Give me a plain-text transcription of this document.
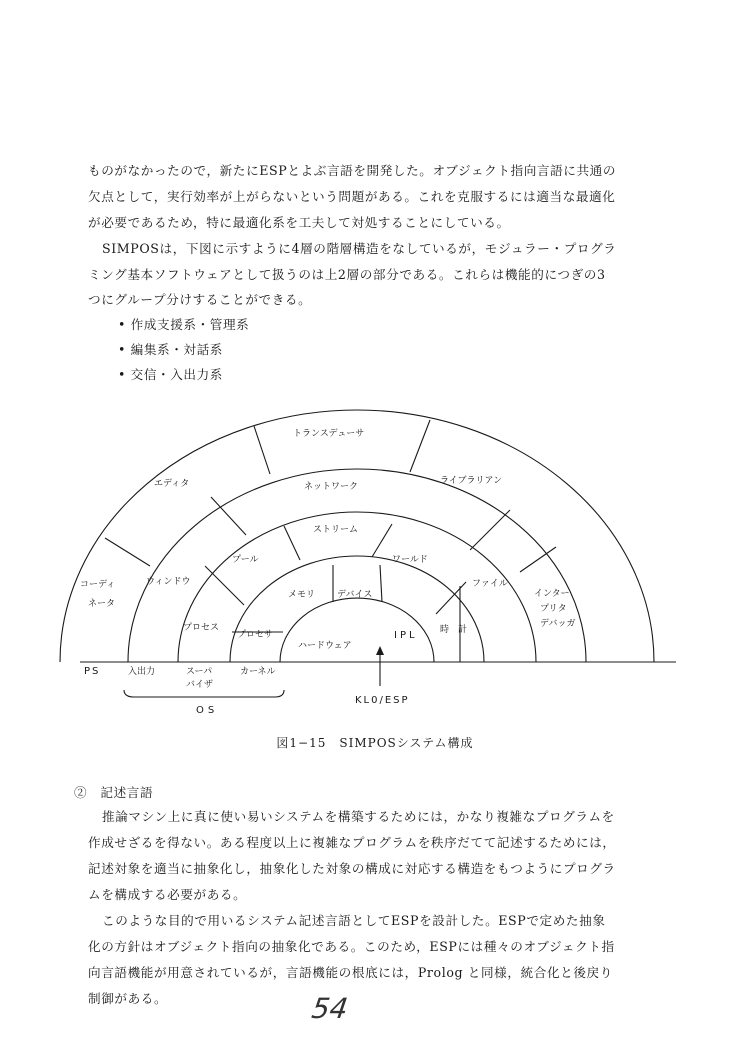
ものがなかったので，新たにESPとよぶ言語を開発した。オブジェクト指向言語に共通の
欠点として，実行効率が上がらないという問題がある。これを克服するには適当な最適化
が必要であるため，特に最適化系を工夫して対処することにしている。
SIMPOSは，下図に示すように4層の階層構造をなしているが，モジュラー・プログラ
ミング基本ソフトウェアとして扱うのは上2層の部分である。これらは機能的につぎの3
つにグループ分けすることができる。
• 作成支援系・管理系
• 編集系・対話系
• 交信・入出力系
コーディ
ネータ
エディタ
トランスデューサ
ライブラリアン
インター
プリタ
デバッガ
ウィンドウ
ネットワーク
ファイル
時　計
プロセス
プール
ストリーム
ワールド
IPL
プロセサ
メモリ デバイス
ハードウェア
PS	入出力	スーパ
バイザ
カーネル
OS
KL0/ESP
図1−15　SIMPOSシステム構成
②　記述言語
推論マシン上に真に使い易いシステムを構築するためには，かなり複雑なプログラムを
作成せざるを得ない。ある程度以上に複雑なプログラムを秩序だてて記述するためには，
記述対象を適当に抽象化し，抽象化した対象の構成に対応する構造をもつようにプログラ
ムを構成する必要がある。
このような目的で用いるシステム記述言語としてESPを設計した。ESPで定めた抽象
化の方針はオブジェクト指向の抽象化である。このため，ESPには種々のオブジェクト指
向言語機能が用意されているが，言語機能の根底には，Prolog と同様，統合化と後戻り
制御がある。	54
